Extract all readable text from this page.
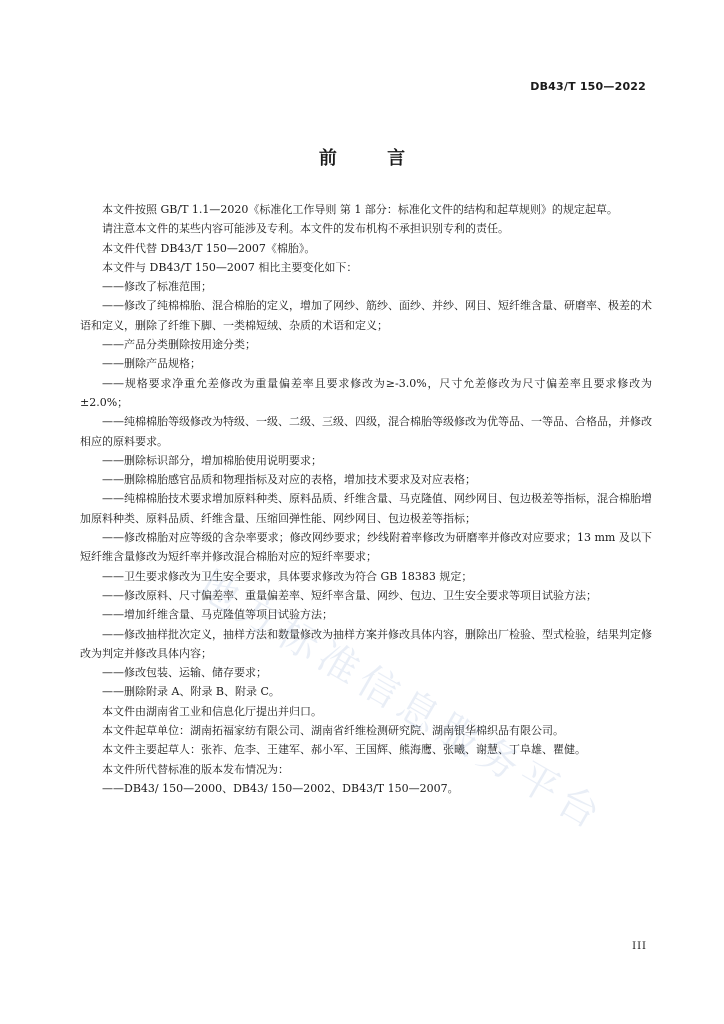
DB43/T 150—2022
前 言

本文件按照 GB/T 1.1—2020《标准化工作导则 第 1 部分：标准化文件的结构和起草规则》的规定起草。

请注意本文件的某些内容可能涉及专利。本文件的发布机构不承担识别专利的责任。

本文件代替 DB43/T 150—2007《棉胎》。

本文件与 DB43/T 150—2007 相比主要变化如下：

——修改了标准范围；

——修改了纯棉棉胎、混合棉胎的定义，增加了网纱、筋纱、面纱、并纱、网目、短纤维含量、研磨率、极差的术语和定义，删除了纤维下脚、一类棉短绒、杂质的术语和定义；

——产品分类删除按用途分类；

——删除产品规格；

——规格要求净重允差修改为重量偏差率且要求修改为≥-3.0%，尺寸允差修改为尺寸偏差率且要求修改为±2.0%；

——纯棉棉胎等级修改为特级、一级、二级、三级、四级，混合棉胎等级修改为优等品、一等品、合格品，并修改相应的原料要求。

——删除标识部分，增加棉胎使用说明要求；

——删除棉胎感官品质和物理指标及对应的表格，增加技术要求及对应表格；

——纯棉棉胎技术要求增加原料种类、原料品质、纤维含量、马克隆值、网纱网目、包边极差等指标，混合棉胎增加原料种类、原料品质、纤维含量、压缩回弹性能、网纱网目、包边极差等指标；

——修改棉胎对应等级的含杂率要求；修改网纱要求；纱线附着率修改为研磨率并修改对应要求；13 mm 及以下短纤维含量修改为短纤率并修改混合棉胎对应的短纤率要求；

——卫生要求修改为卫生安全要求，具体要求修改为符合 GB 18383 规定；

——修改原料、尺寸偏差率、重量偏差率、短纤率含量、网纱、包边、卫生安全要求等项目试验方法；

——增加纤维含量、马克隆值等项目试验方法；

——修改抽样批次定义，抽样方法和数量修改为抽样方案并修改具体内容，删除出厂检验、型式检验，结果判定修改为判定并修改具体内容；

——修改包装、运输、储存要求；

——删除附录 A、附录 B、附录 C。

本文件由湖南省工业和信息化厅提出并归口。

本文件起草单位：湖南拓福家纺有限公司、湖南省纤维检测研究院、湖南银华棉织品有限公司。

本文件主要起草人：张祚、危李、王建军、郝小军、王国辉、熊海鹰、张曦、谢慧、丁阜雄、瞿健。

本文件所代替标准的版本发布情况为：

——DB43/ 150—2000、DB43/ 150—2002、DB43/T 150—2007。

地
方
标
准
信
息
服
务
平
台
III
